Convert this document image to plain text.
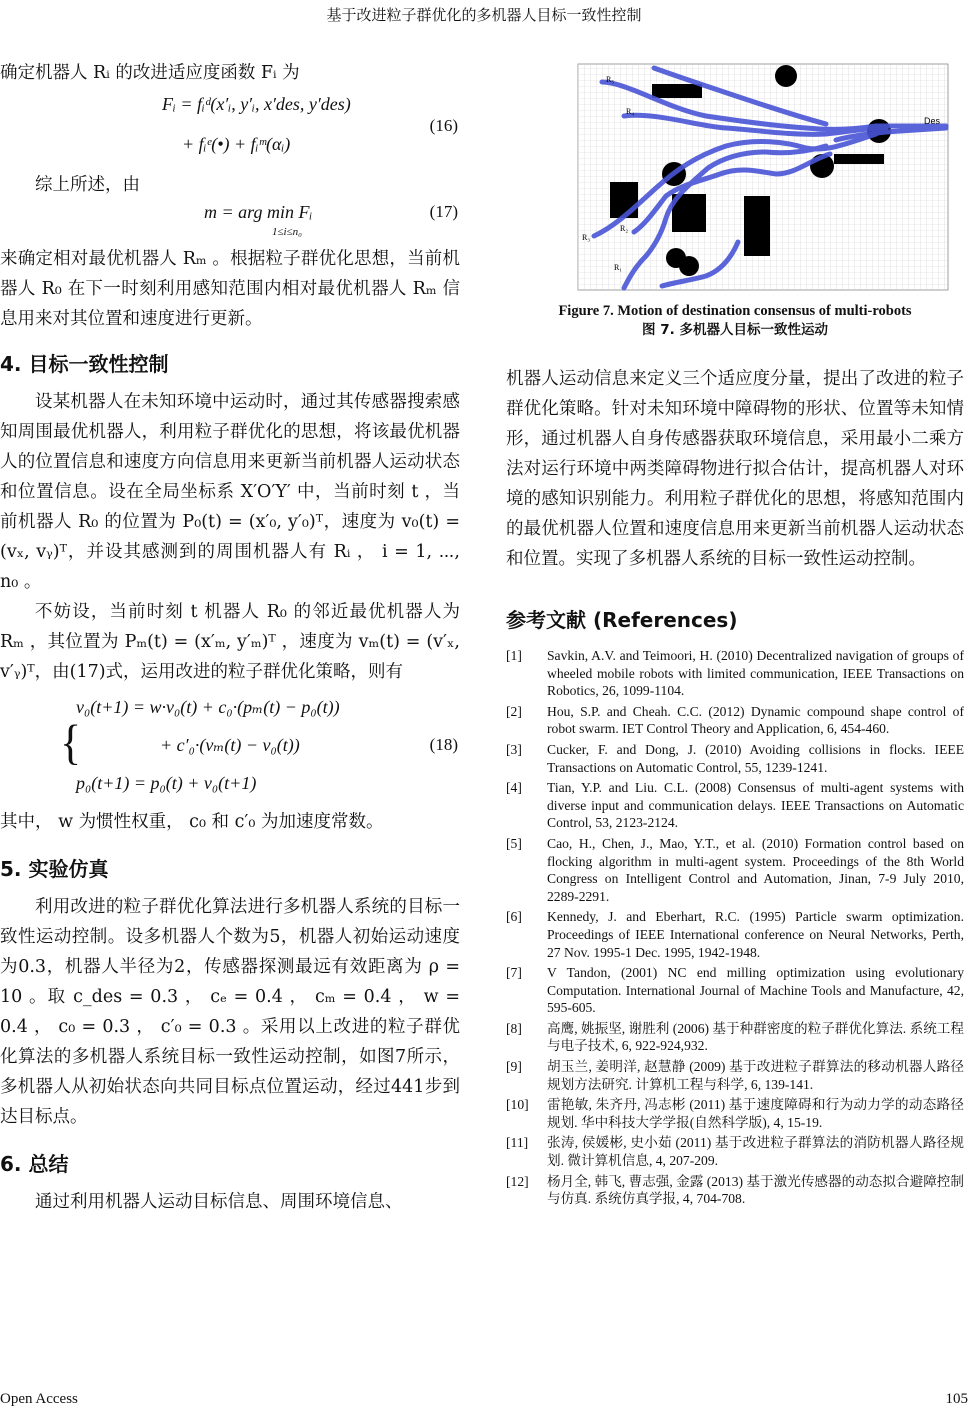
基于改进粒子群优化的多机器人目标一致性控制

确定机器人 Rᵢ 的改进适应度函数 Fᵢ 为

Fᵢ = fᵢᵈ(x′ᵢ, y′ᵢ, x′des, y′des)
+ fᵢᵉ(•) + fᵢᵐ(αᵢ)
(16)

综上所述，由

m = arg min Fᵢ
1≤i≤n₀
(17)

来确定相对最优机器人 Rₘ 。根据粒子群优化思想，当前机器人 R₀ 在下一时刻利用感知范围内相对最优机器人 Rₘ 信息用来对其位置和速度进行更新。

4. 目标一致性控制

设某机器人在未知环境中运动时，通过其传感器搜索感知周围最优机器人，利用粒子群优化的思想，将该最优机器人的位置信息和速度方向信息用来更新当前机器人运动状态和位置信息。设在全局坐标系 X′O′Y′ 中，当前时刻 t ，当前机器人 R₀ 的位置为 P₀(t) = (x′₀, y′₀)ᵀ，速度为 v₀(t) = (vₓ, vᵧ)ᵀ，并设其感测到的周围机器人有 Rᵢ ， i = 1, ⋯, n₀ 。

不妨设，当前时刻 t 机器人 R₀ 的邻近最优机器人为 Rₘ ，其位置为 Pₘ(t) = (x′ₘ, y′ₘ)ᵀ ，速度为 vₘ(t) = (v′ₓ, v′ᵧ)ᵀ，由(17)式，运用改进的粒子群优化策略，则有

{
v₀(t+1) = w·v₀(t) + c₀·(pₘ(t) − p₀(t))
+ c′₀·(vₘ(t) − v₀(t))
p₀(t+1) = p₀(t) + v₀(t+1)
(18)

其中， w 为惯性权重， c₀ 和 c′₀ 为加速度常数。

5. 实验仿真

利用改进的粒子群优化算法进行多机器人系统的目标一致性运动控制。设多机器人个数为5，机器人初始运动速度为0.3，机器人半径为2，传感器探测最远有效距离为 ρ = 10 。取 c_des = 0.3 ， cₑ = 0.4 ， cₘ = 0.4 ， w = 0.4 ， c₀ = 0.3 ， c′₀ = 0.3 。采用以上改进的粒子群优化算法的多机器人系统目标一致性运动控制，如图7所示，多机器人从初始状态向共同目标点位置运动，经过441步到达目标点。

6. 总结

通过利用机器人运动目标信息、周围环境信息、

R₅
R₄
R₃
R₂
R₁
Des
Figure 7. Motion of destination consensus of multi-robots
图 7. 多机器人目标一致性运动

机器人运动信息来定义三个适应度分量，提出了改进的粒子群优化策略。针对未知环境中障碍物的形状、位置等未知情形，通过机器人自身传感器获取环境信息，采用最小二乘方法对运行环境中两类障碍物进行拟合估计，提高机器人对环境的感知识别能力。利用粒子群优化的思想，将感知范围内的最优机器人位置和速度信息用来更新当前机器人运动状态和位置。实现了多机器人系统的目标一致性运动控制。

参考文献 (References)
[1]	Savkin, A.V. and Teimoori, H. (2010) Decentralized navigation of groups of wheeled mobile robots with limited communication, IEEE Transactions on Robotics, 26, 1099-1104.
[2]	Hou, S.P. and Cheah. C.C. (2012) Dynamic compound shape control of robot swarm. IET Control Theory and Application, 6, 454-460.
[3]	Cucker, F. and Dong, J. (2010) Avoiding collisions in flocks. IEEE Transactions on Automatic Control, 55, 1239-1241.
[4]	Tian, Y.P. and Liu. C.L. (2008) Consensus of multi-agent systems with diverse input and communication delays. IEEE Transactions on Automatic Control, 53, 2123-2124.
[5]	Cao, H., Chen, J., Mao, Y.T., et al. (2010) Formation control based on flocking algorithm in multi-agent system. Proceedings of the 8th World Congress on Intelligent Control and Automation, Jinan, 7-9 July 2010, 2289-2291.
[6]	Kennedy, J. and Eberhart, R.C. (1995) Particle swarm optimization. Proceedings of IEEE International conference on Neural Networks, Perth, 27 Nov. 1995-1 Dec. 1995, 1942-1948.
[7]	V Tandon, (2001) NC end milling optimization using evolutionary Computation. International Journal of Machine Tools and Manufacture, 42, 595-605.
[8]	高鹰, 姚振坚, 谢胜利 (2006) 基于种群密度的粒子群优化算法. 系统工程与电子技术, 6, 922-924,932.
[9]	胡玉兰, 姜明洋, 赵慧静 (2009) 基于改进粒子群算法的移动机器人路径规划方法研究. 计算机工程与科学, 6, 139-141.
[10]	雷艳敏, 朱齐丹, 冯志彬 (2011) 基于速度障碍和行为动力学的动态路径规划. 华中科技大学学报(自然科学版), 4, 15-19.
[11]	张涛, 侯媛彬, 史小茹 (2011) 基于改进粒子群算法的消防机器人路径规划. 微计算机信息, 4, 207-209.
[12]	杨月全, 韩飞, 曹志强, 金露 (2013) 基于激光传感器的动态拟合避障控制与仿真. 系统仿真学报, 4, 704-708.
Open Access	105
